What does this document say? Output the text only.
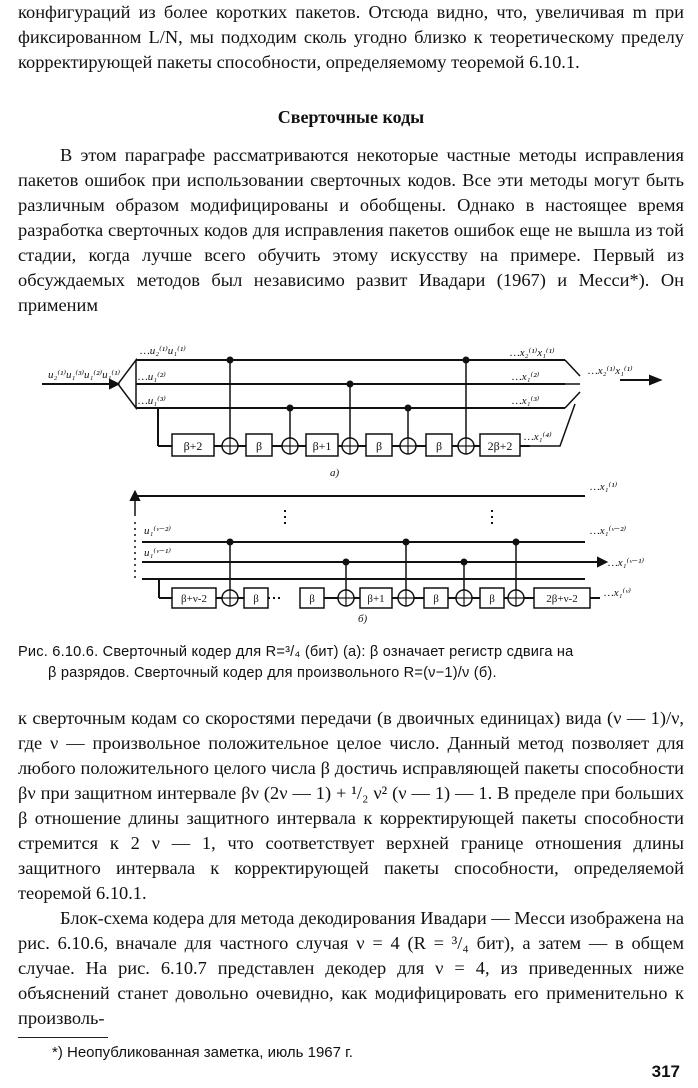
конфигураций из более коротких пакетов. Отсюда видно, что, увеличивая m при фиксированном L/N, мы подходим сколь угодно близко к теоретическому пределу корректирующей пакеты способности, определяемому теоремой 6.10.1.

Сверточные коды

В этом параграфе рассматриваются некоторые частные методы исправления пакетов ошибок при использовании сверточных кодов. Все эти методы могут быть различным образом модифицированы и обобщены. Однако в настоящее время разработка сверточных кодов для исправления пакетов ошибок еще не вышла из той стадии, когда лучше всего обучить этому искусству на примере. Первый из обсуждаемых методов был независимо развит Ивадари (1967) и Месси*). Он применим

β+2	β	β+1	β	β	2β+2
u₂⁽¹⁾u₁⁽³⁾u₁⁽²⁾u₁⁽¹⁾
…u₂⁽¹⁾u₁⁽¹⁾
…u₁⁽²⁾
…u₁⁽³⁾
…x₂⁽¹⁾x₁⁽¹⁾
…x₁⁽²⁾
…x₁⁽³⁾
…x₁⁽⁴⁾
…x₂⁽¹⁾x₁⁽¹⁾
а)
β+ν-2	β	β	β+1	β	β	2β+ν-2
u₁⁽ᵛ⁻²⁾
u₁⁽ᵛ⁻¹⁾
…x₁⁽¹⁾
…x₁⁽ᵛ⁻²⁾
…x₁⁽ᵛ⁻¹⁾
…x₁⁽ᵛ⁾
б)
Рис. 6.10.6. Сверточный кодер для R=³/₄ (бит) (а): β означает регистр сдвига на
β разрядов. Сверточный кодер для произвольного R=(ν−1)/ν (б).

к сверточным кодам со скоростями передачи (в двоичных единицах) вида (ν — 1)/ν, где ν — произвольное положительное целое число. Данный метод позволяет для любого положительного целого числа β достичь исправляющей пакеты способности βν при защитном интервале βν (2ν — 1) + ¹/₂ ν² (ν — 1) — 1. В пределе при больших β отношение длины защитного интервала к корректирующей пакеты способности стремится к 2 ν — 1, что соответствует верхней границе отношения длины защитного интервала к корректирующей пакеты способности, определяемой теоремой 6.10.1.

Блок-схема кодера для метода декодирования Ивадари — Месси изображена на рис. 6.10.6, вначале для частного случая ν = 4 (R = ³/₄ бит), а затем — в общем случае. На рис. 6.10.7 представлен декодер для ν = 4, из приведенных ниже объяснений станет довольно очевидно, как модифицировать его применительно к произволь-

*) Неопубликованная заметка, июль 1967 г.
317
